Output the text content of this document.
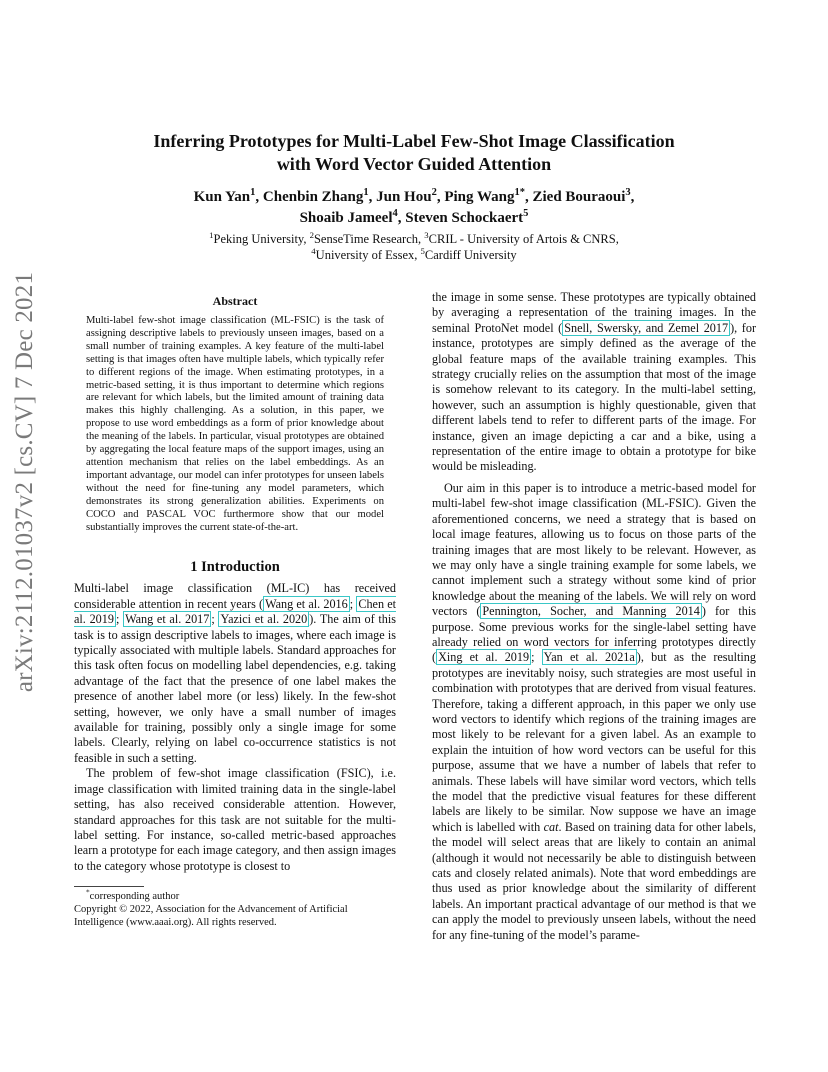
arXiv:2112.01037v2 [cs.CV] 7 Dec 2021
Inferring Prototypes for Multi-Label Few-Shot Image Classification
with Word Vector Guided Attention
Kun Yan$^1$, Chenbin Zhang$^1$, Jun Hou$^2$, Ping Wang$^{1*}$, Zied Bouraoui$^3$,
Shoaib Jameel$^4$, Steven Schockaert$^5$
$^1$Peking University, $^2$SenseTime Research, $^3$CRIL - University of Artois & CNRS,
$^4$University of Essex, $^5$Cardiff University
Abstract

Multi-label few-shot image classification (ML-FSIC) is the task of assigning descriptive labels to previously unseen images, based on a small number of training examples. A key feature of the multi-label setting is that images often have multiple labels, which typically refer to different regions of the image. When estimating prototypes, in a metric-based setting, it is thus important to determine which regions are relevant for which labels, but the limited amount of training data makes this highly challenging. As a solution, in this paper, we propose to use word embeddings as a form of prior knowledge about the meaning of the labels. In particular, visual prototypes are obtained by aggregating the local feature maps of the support images, using an attention mechanism that relies on the label embeddings. As an important advantage, our model can infer prototypes for unseen labels without the need for fine-tuning any model parameters, which demonstrates its strong generalization abilities. Experiments on COCO and PASCAL VOC furthermore show that our model substantially improves the current state-of-the-art.

1 Introduction

Multi-label image classification (ML-IC) has received considerable attention in recent years ( Wang et al. 2016 ; Chen et al. 2019 ; Wang et al. 2017 ; Yazici et al. 2020 ). The aim of this task is to assign descriptive labels to images, where each image is typically associated with multiple labels. Standard approaches for this task often focus on modelling label dependencies, e.g. taking advantage of the fact that the presence of one label makes the presence of another label more (or less) likely. In the few-shot setting, however, we only have a small number of images available for training, possibly only a single image for some labels. Clearly, relying on label co-occurrence statistics is not feasible in such a setting.

The problem of few-shot image classification (FSIC), i.e. image classification with limited training data in the single-label setting, has also received considerable attention. However, standard approaches for this task are not suitable for the multi-label setting. For instance, so-called metric-based approaches learn a prototype for each image category, and then assign images to the category whose prototype is closest to

*corresponding author

Copyright © 2022, Association for the Advancement of Artificial Intelligence (www.aaai.org). All rights reserved.

the image in some sense. These prototypes are typically obtained by averaging a representation of the training images. In the seminal ProtoNet model ( Snell, Swersky, and Zemel 2017 ), for instance, prototypes are simply defined as the average of the global feature maps of the available training examples. This strategy crucially relies on the assumption that most of the image is somehow relevant to its category. In the multi-label setting, however, such an assumption is highly questionable, given that different labels tend to refer to different parts of the image. For instance, given an image depicting a car and a bike, using a representation of the entire image to obtain a prototype for bike would be misleading.

Our aim in this paper is to introduce a metric-based model for multi-label few-shot image classification (ML-FSIC). Given the aforementioned concerns, we need a strategy that is based on local image features, allowing us to focus on those parts of the training images that are most likely to be relevant. However, as we may only have a single training example for some labels, we cannot implement such a strategy without some kind of prior knowledge about the meaning of the labels. We will rely on word vectors ( Pennington, Socher, and Manning 2014 ) for this purpose. Some previous works for the single-label setting have already relied on word vectors for inferring prototypes directly ( Xing et al. 2019 ; Yan et al. 2021a ), but as the resulting prototypes are inevitably noisy, such strategies are most useful in combination with prototypes that are derived from visual features. Therefore, taking a different approach, in this paper we only use word vectors to identify which regions of the training images are most likely to be relevant for a given label. As an example to explain the intuition of how word vectors can be useful for this purpose, assume that we have a number of labels that refer to animals. These labels will have similar word vectors, which tells the model that the predictive visual features for these different labels are likely to be similar. Now suppose we have an image which is labelled with cat. Based on training data for other labels, the model will select areas that are likely to contain an animal (although it would not necessarily be able to distinguish between cats and closely related animals). Note that word embeddings are thus used as prior knowledge about the similarity of different labels. An important practical advantage of our method is that we can apply the model to previously unseen labels, without the need for any fine-tuning of the model’s parame-
